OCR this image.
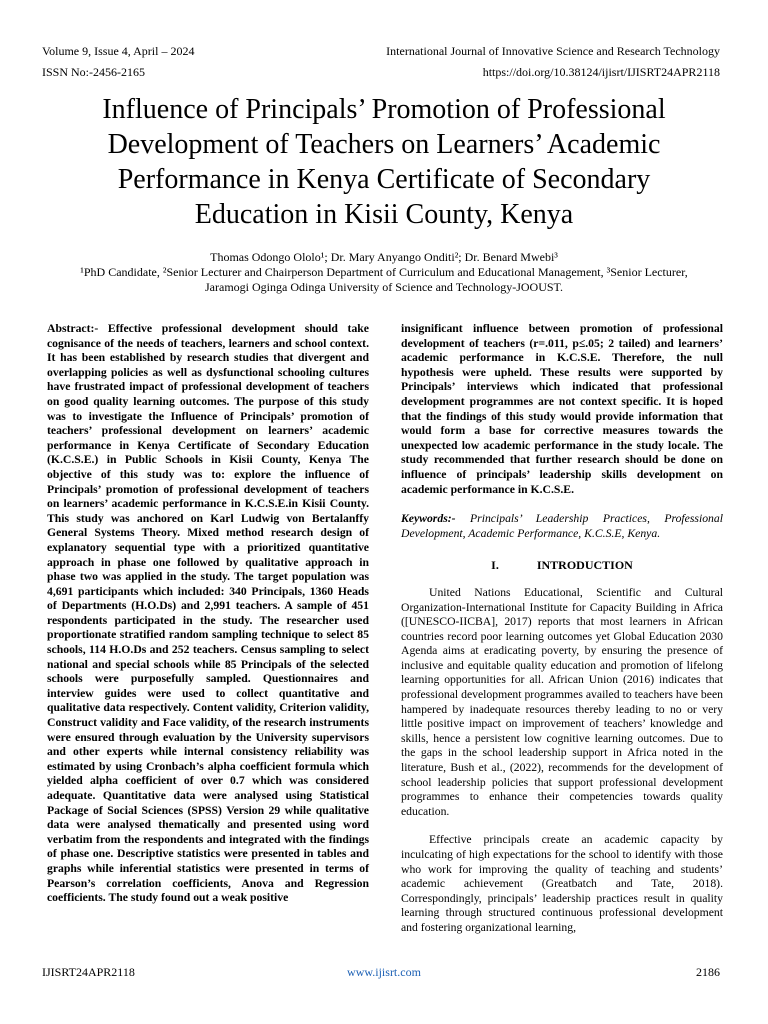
Volume 9, Issue 4, April – 2024	International Journal of Innovative Science and Research Technology
ISSN No:-2456-2165	https://doi.org/10.38124/ijisrt/IJISRT24APR2118
Influence of Principals’ Promotion of Professional
Development of Teachers on Learners’ Academic
Performance in Kenya Certificate of Secondary
Education in Kisii County, Kenya

Thomas Odongo Ololo¹; Dr. Mary Anyango Onditi²; Dr. Benard Mwebi³

¹PhD Candidate, ²Senior Lecturer and Chairperson Department of Curriculum and Educational Management, ³Senior Lecturer,

Jaramogi Oginga Odinga University of Science and Technology-JOOUST.

Abstract:- Effective professional development should take cognisance of the needs of teachers, learners and school context. It has been established by research studies that divergent and overlapping policies as well as dysfunctional schooling cultures have frustrated impact of professional development of teachers on good quality learning outcomes. The purpose of this study was to investigate the Influence of Principals’ promotion of teachers’ professional development on learners’ academic performance in Kenya Certificate of Secondary Education (K.C.S.E.) in Public Schools in Kisii County, Kenya The objective of this study was to: explore the influence of Principals’ promotion of professional development of teachers on learners’ academic performance in K.C.S.E.in Kisii County. This study was anchored on Karl Ludwig von Bertalanffy General Systems Theory. Mixed method research design of explanatory sequential type with a prioritized quantitative approach in phase one followed by qualitative approach in phase two was applied in the study. The target population was 4,691 participants which included: 340 Principals, 1360 Heads of Departments (H.O.Ds) and 2,991 teachers. A sample of 451 respondents participated in the study. The researcher used proportionate stratified random sampling technique to select 85 schools, 114 H.O.Ds and 252 teachers. Census sampling to select national and special schools while 85 Principals of the selected schools were purposefully sampled. Questionnaires and interview guides were used to collect quantitative and qualitative data respectively. Content validity, Criterion validity, Construct validity and Face validity, of the research instruments were ensured through evaluation by the University supervisors and other experts while internal consistency reliability was estimated by using Cronbach’s alpha coefficient formula which yielded alpha coefficient of over 0.7 which was considered adequate. Quantitative data were analysed using Statistical Package of Social Sciences (SPSS) Version 29 while qualitative data were analysed thematically and presented using word verbatim from the respondents and integrated with the findings of phase one. Descriptive statistics were presented in tables and graphs while inferential statistics were presented in terms of Pearson’s correlation coefficients, Anova and Regression coefficients. The study found out a weak positive

insignificant influence between promotion of professional development of teachers (r=.011, p≤.05; 2 tailed) and learners’ academic performance in K.C.S.E. Therefore, the null hypothesis were upheld. These results were supported by Principals’ interviews which indicated that professional development programmes are not context specific. It is hoped that the findings of this study would provide information that would form a base for corrective measures towards the unexpected low academic performance in the study locale. The study recommended that further research should be done on influence of principals’ leadership skills development on academic performance in K.C.S.E.

Keywords:- Principals’ Leadership Practices, Professional Development, Academic Performance, K.C.S.E, Kenya.

I.	INTRODUCTION

United Nations Educational, Scientific and Cultural Organization-International Institute for Capacity Building in Africa ([UNESCO-IICBA], 2017) reports that most learners in African countries record poor learning outcomes yet Global Education 2030 Agenda aims at eradicating poverty, by ensuring the presence of inclusive and equitable quality education and promotion of lifelong learning opportunities for all. African Union (2016) indicates that professional development programmes availed to teachers have been hampered by inadequate resources thereby leading to no or very little positive impact on improvement of teachers’ knowledge and skills, hence a persistent low cognitive learning outcomes. Due to the gaps in the school leadership support in Africa noted in the literature, Bush et al., (2022), recommends for the development of school leadership policies that support professional development programmes to enhance their competencies towards quality education.

Effective principals create an academic capacity by inculcating of high expectations for the school to identify with those who work for improving the quality of teaching and students’ academic achievement (Greatbatch and Tate, 2018). Correspondingly, principals’ leadership practices result in quality learning through structured continuous professional development and fostering organizational learning,

IJISRT24APR2118	www.ijisrt.com	2186
